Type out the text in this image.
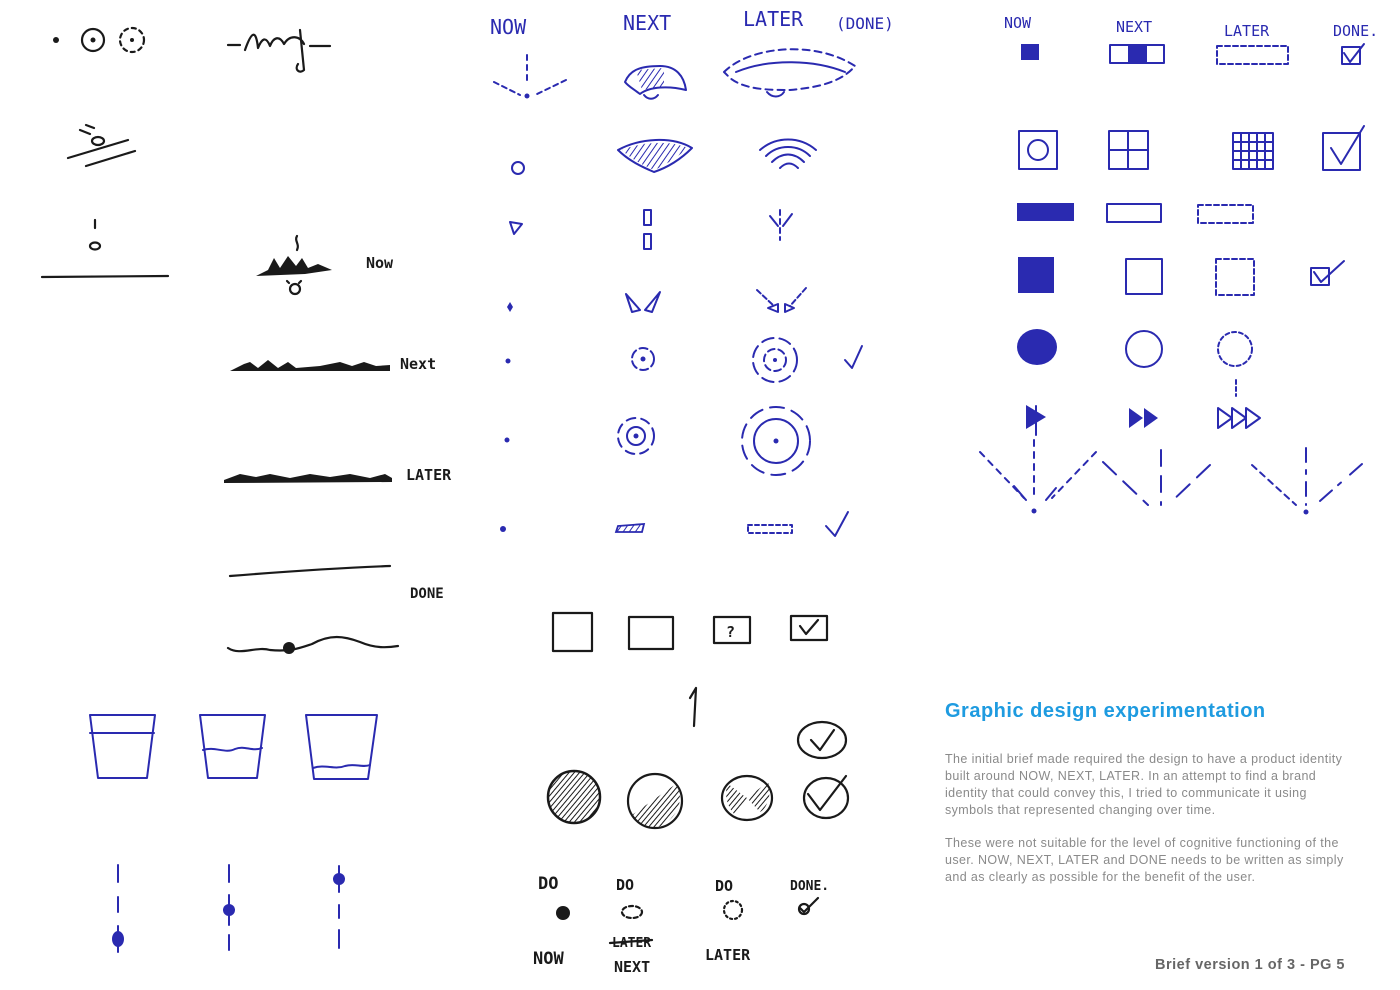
Now
Next
LATER
DONE
NOW	NEXT	LATER (DONE)
?
DO	DO	DO	DONE.
NOW
LATER
NEXT
LATER
NOW	NEXT	LATER	DONE.
Graphic design experimentation

The initial brief made required the design to have a product identity built around NOW, NEXT, LATER. In an attempt to find a brand identity that could convey this, I tried to communicate it using symbols that represented changing over time.

These were not suitable for the level of cognitive functioning of the user. NOW, NEXT, LATER and DONE needs to be written as simply and as clearly as possible for the benefit of the user.

Brief version 1 of 3 - PG 5
